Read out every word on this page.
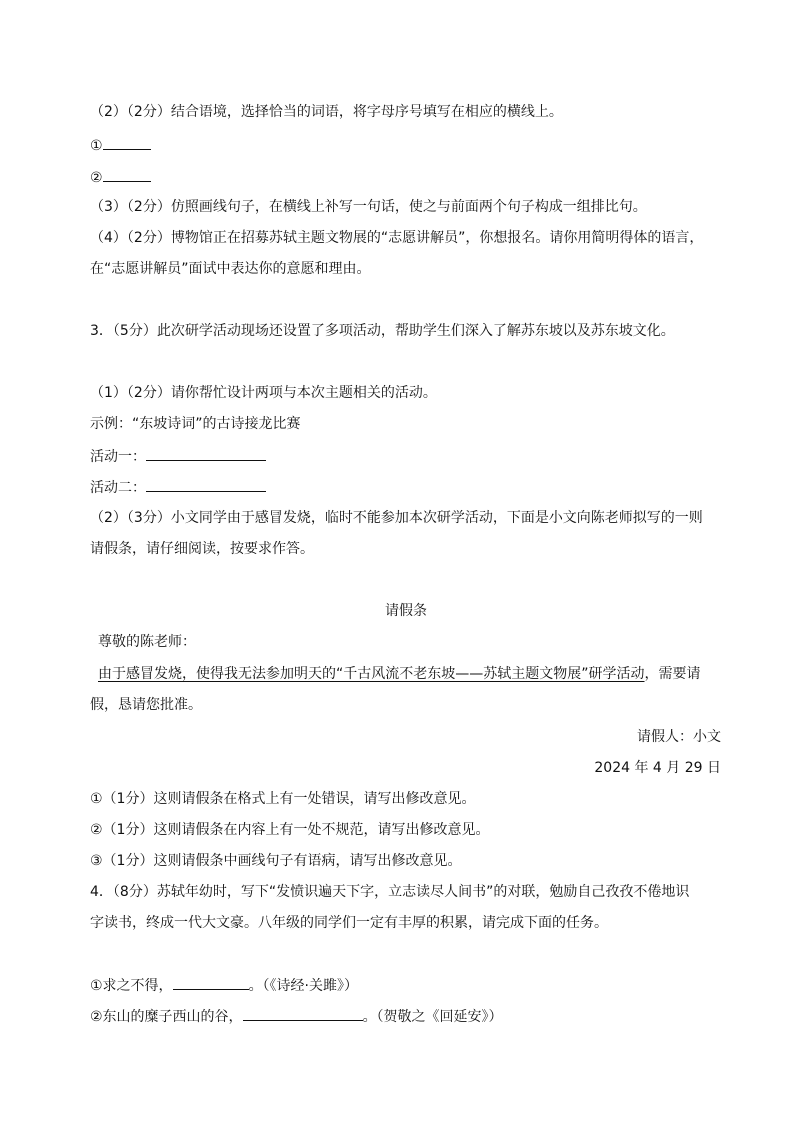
（2）（2分）结合语境，选择恰当的词语，将字母序号填写在相应的横线上。
①
②
（3）（2分）仿照画线句子，在横线上补写一句话，使之与前面两个句子构成一组排比句。
（4）（2分）博物馆正在招募苏轼主题文物展的“志愿讲解员”，你想报名。请你用简明得体的语言，
在“志愿讲解员”面试中表达你的意愿和理由。
3．（5分）此次研学活动现场还设置了多项活动，帮助学生们深入了解苏东坡以及苏东坡文化。
（1）（2分）请你帮忙设计两项与本次主题相关的活动。
示例：“东坡诗词”的古诗接龙比赛
活动一：
活动二：
（2）（3分）小文同学由于感冒发烧，临时不能参加本次研学活动，下面是小文向陈老师拟写的一则
请假条，请仔细阅读，按要求作答。
请假条
尊敬的陈老师：
由于感冒发烧，使得我无法参加明天的“千古风流不老东坡——苏轼主题文物展”研学活动，需要请
假，恳请您批准。
请假人：小文
2024 年 4 月 29 日
①（1分）这则请假条在格式上有一处错误，请写出修改意见。
②（1分）这则请假条在内容上有一处不规范，请写出修改意见。
③（1分）这则请假条中画线句子有语病，请写出修改意见。
4．（8分）苏轼年幼时，写下“发愤识遍天下字，立志读尽人间书”的对联，勉励自己孜孜不倦地识
字读书，终成一代大文豪。八年级的同学们一定有丰厚的积累，请完成下面的任务。
①求之不得，	。（《诗经·关雎》）
②东山的糜子西山的谷，	。（贺敬之《回延安》）
